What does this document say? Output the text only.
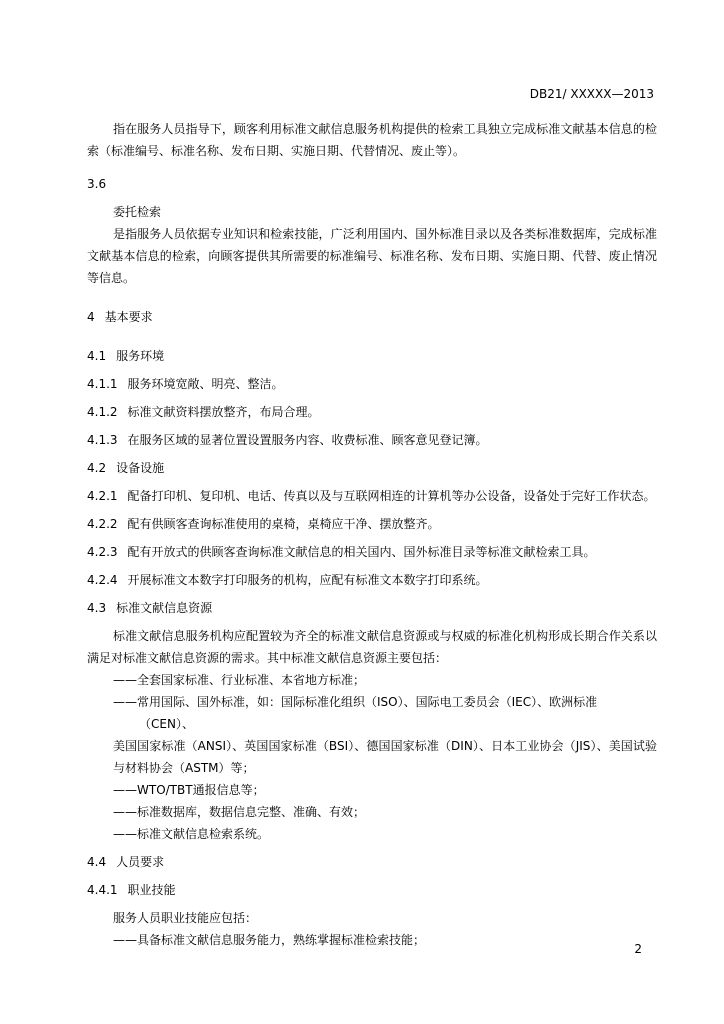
DB21/ XXXXX—2013

指在服务人员指导下，顾客利用标准文献信息服务机构提供的检索工具独立完成标准文献基本信息的检索（标准编号、标准名称、发布日期、实施日期、代替情况、废止等）。

3.6

委托检索

是指服务人员依据专业知识和检索技能，广泛利用国内、国外标准目录以及各类标准数据库，完成标准文献基本信息的检索，向顾客提供其所需要的标准编号、标准名称、发布日期、实施日期、代替、废止情况等信息。

4 基本要求

4.1 服务环境

4.1.1 服务环境宽敞、明亮、整洁。

4.1.2 标准文献资料摆放整齐，布局合理。

4.1.3 在服务区域的显著位置设置服务内容、收费标准、顾客意见登记簿。

4.2 设备设施

4.2.1 配备打印机、复印机、电话、传真以及与互联网相连的计算机等办公设备，设备处于完好工作状态。

4.2.2 配有供顾客查询标准使用的桌椅，桌椅应干净、摆放整齐。

4.2.3 配有开放式的供顾客查询标准文献信息的相关国内、国外标准目录等标准文献检索工具。

4.2.4 开展标准文本数字打印服务的机构，应配有标准文本数字打印系统。

4.3 标准文献信息资源

标准文献信息服务机构应配置较为齐全的标准文献信息资源或与权威的标准化机构形成长期合作关系以满足对标准文献信息资源的需求。其中标准文献信息资源主要包括：

——全套国家标准、行业标准、本省地方标准；

——常用国际、国外标准，如：国际标准化组织（ISO）、国际电工委员会（IEC）、欧洲标准

（CEN）、

美国国家标准（ANSI）、英国国家标准（BSI）、德国国家标准（DIN）、日本工业协会（JIS）、美国试验与材料协会（ASTM）等；

——WTO/TBT通报信息等；

——标准数据库，数据信息完整、准确、有效；

——标准文献信息检索系统。

4.4 人员要求

4.4.1 职业技能

服务人员职业技能应包括：

——具备标准文献信息服务能力，熟练掌握标准检索技能；

2
